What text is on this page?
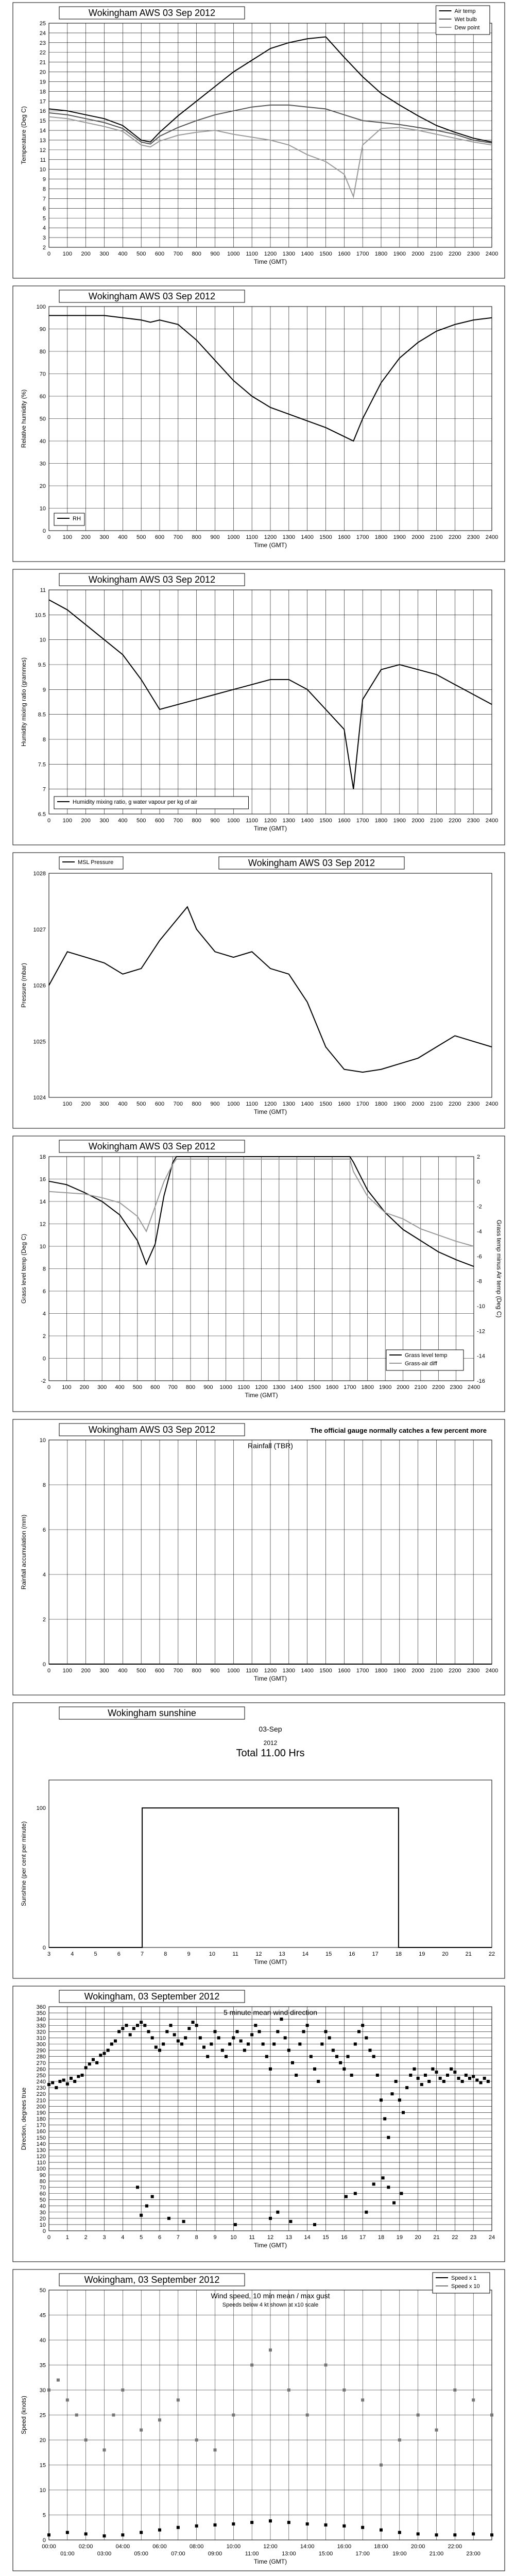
2
3
4
5
6
7
8
9
10
11
12
13
14
15
16
17
18
19
20
21
22
23
24
25
0 100 200 300 400 500 600 700 800 900 1000 1100 1200 1300 1400 1500 1600 1700 1800 1900 2000 2100 2200 2300 2400
Time (GMT)
Temperature (Deg C)
Wokingham AWS 03 Sep 2012	Air temp
Wet bulb
Dew point
0
10
20
30
40
50
60
70
80
90
100
0 100 200 300 400 500 600 700 800 900 1000 1100 1200 1300 1400 1500 1600 1700 1800 1900 2000 2100 2200 2300 2400
Time (GMT)
Relative humidity (%)
Wokingham AWS 03 Sep 2012
RH
6.5
7
7.5
8
8.5
9
9.5
10
10.5
11
0 100 200 300 400 500 600 700 800 900 1000 1100 1200 1300 1400 1500 1600 1700 1800 1900 2000 2100 2200 2300 2400
Time (GMT)
Humidity mixing ratio (grammes)
Wokingham AWS 03 Sep 2012
Humidity mixing ratio, g water vapour per kg of air
1024
1025
1026
1027
1028
100 200 300 400 500 600 700 800 900 1000 1100 1200 1300 1400 1500 1600 1700 1800 1900 2000 2100 2200 2300 2400
Time (GMT)
Pressure (mbar)
Wokingham AWS 03 Sep 2012
MSL Pressure
-2
0
2
4
6
8
10
12
14
16
18
0 100 200 300 400 500 600 700 800 900 1000 1100 1200 1300 1400 1500 1600 1700 1800 1900 2000 2100 2200 2300 2400
-16
-14
-12
-10
-8
-6
-4
-2
0
2
Grass temp minus Air temp (Deg C)
Time (GMT)
Grass level temp (Deg C)
Wokingham AWS 03 Sep 2012
Grass level temp
Grass-air diff
0
2
4
6
8
10
0 100 200 300 400 500 600 700 800 900 1000 1100 1200 1300 1400 1500 1600 1700 1800 1900 2000 2100 2200 2300 2400
Time (GMT)
Rainfall accumulation (mm)
Wokingham AWS 03 Sep 2012
Rainfall (TBR)
The official gauge normally catches a few percent more
0
100
3	4	5	6	7	8	9	10	11	12	13	14	15	16	17	18	19	20	21	22
Time (GMT)
Sunshine (per cent per minute)
Wokingham sunshine
03-Sep
2012
Total 11.00 Hrs
0
10
20
30
40
50
60
70
80
90
100
110
120
130
140
150
160
170
180
190
200
210
220
230
240
250
260
270
280
290
300
310
320
330
340
350
360
0	1	2	3	4	5	6	7	8	9 10 11 12 13 14 15 16 17 18 19 20 21 22 23 24
Time (GMT)
Direction, degrees true
Wokingham, 03 September 2012
5 minute mean wind direction
0
5
10
15
20
25
30
35
40
45
50
00:00	02:00	04:00	06:00	08:00	10:00	12:00	14:00	16:00	18:00	20:00	22:00
01:00	03:00	05:00	07:00	09:00	11:00	13:00	15:00	17:00	19:00	21:00	23:00
Time (GMT)
Speed (knots)
Wokingham, 03 September 2012
Wind speed, 10 min mean / max gust
Speeds below 4 kt shown at x10 scale
Speed x 1
Speed x 10
